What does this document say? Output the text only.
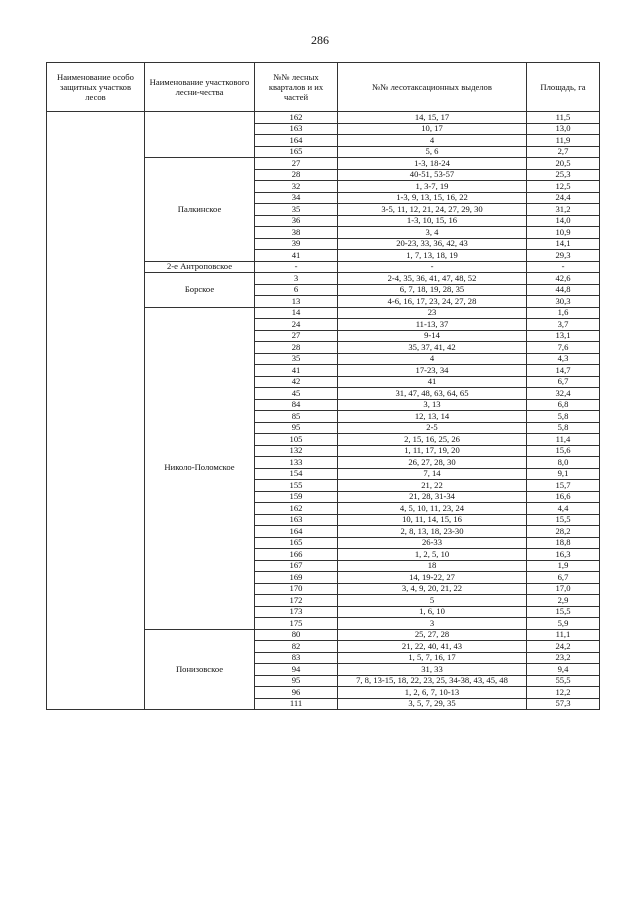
286
Наименование особо защитных участков лесов	Наименование участкового лесни-чества	№№ лесных кварталов и их частей	№№ лесотаксационных выделов	Площадь, га
		162	14, 15, 17	11,5
		163	10, 17	13,0
		164	4	11,9
		165	5, 6	2,7
	Палкинское	27	1-3, 18-24	20,5
		28	40-51, 53-57	25,3
		32	1, 3-7, 19	12,5
		34	1-3, 9, 13, 15, 16, 22	24,4
		35	3-5, 11, 12, 21, 24, 27, 29, 30	31,2
		36	1-3, 10, 15, 16	14,0
		38	3, 4	10,9
		39	20-23, 33, 36, 42, 43	14,1
		41	1, 7, 13, 18, 19	29,3
	2-е Антроповское	-	-	-
	Борское	3	2-4, 35, 36, 41, 47, 48, 52	42,6
		6	6, 7, 18, 19, 28, 35	44,8
		13	4-6, 16, 17, 23, 24, 27, 28	30,3
	Николо-Поломское	14	23	1,6
		24	11-13, 37	3,7
		27	9-14	13,1
		28	35, 37, 41, 42	7,6
		35	4	4,3
		41	17-23, 34	14,7
		42	41	6,7
		45	31, 47, 48, 63, 64, 65	32,4
		84	3, 13	6,8
		85	12, 13, 14	5,8
		95	2-5	5,8
		105	2, 15, 16, 25, 26	11,4
		132	1, 11, 17, 19, 20	15,6
		133	26, 27, 28, 30	8,0
		154	7, 14	9,1
		155	21, 22	15,7
		159	21, 28, 31-34	16,6
		162	4, 5, 10, 11, 23, 24	4,4
		163	10, 11, 14, 15, 16	15,5
		164	2, 8, 13, 18, 23-30	28,2
		165	26-33	18,8
		166	1, 2, 5, 10	16,3
		167	18	1,9
		169	14, 19-22, 27	6,7
		170	3, 4, 9, 20, 21, 22	17,0
		172	5	2,9
		173	1, 6, 10	15,5
		175	3	5,9
	Понизовское	80	25, 27, 28	11,1
		82	21, 22, 40, 41, 43	24,2
		83	1, 5, 7, 16, 17	23,2
		94	31, 33	9,4
		95	7, 8, 13-15, 18, 22, 23, 25, 34-38, 43, 45, 48	55,5
		96	1, 2, 6, 7, 10-13	12,2
		111	3, 5, 7, 29, 35	57,3
